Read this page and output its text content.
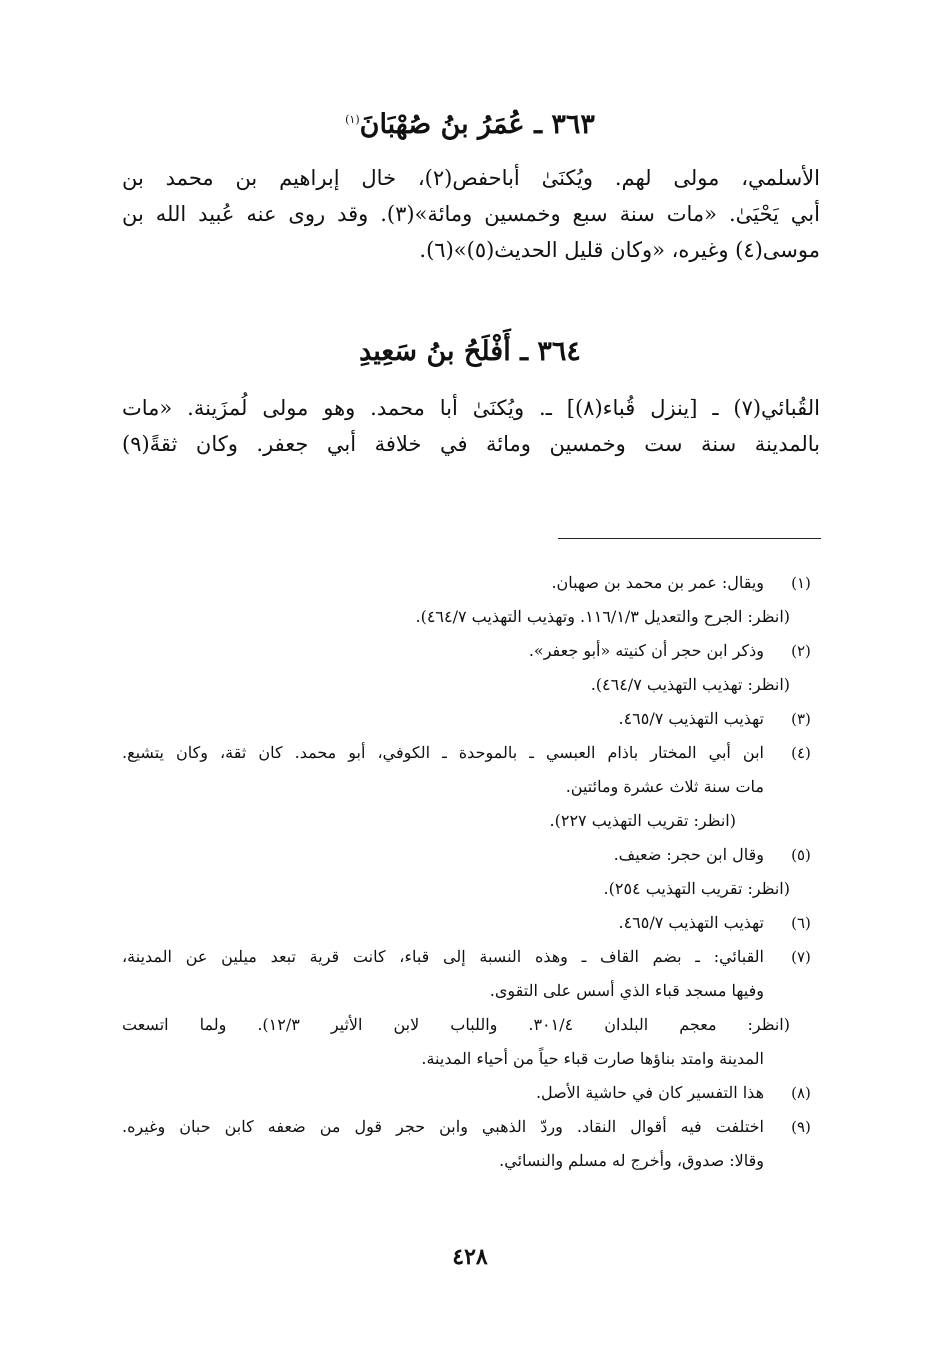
٣٦٣ ـ عُمَرُ بنُ صُهْبَانَ$^{(١)}$
الأسلمي، مولى لهم. ويُكنَىٰ أباحفص(٢)، خال إبراهيم بن محمد بن
أبي يَحْيَىٰ. «مات سنة سبع وخمسين ومائة»(٣). وقد روى عنه عُبيد الله بن
موسى(٤) وغيره، «وكان قليل الحديث(٥)»(٦).
٣٦٤ ـ أَفْلَحُ بنُ سَعِيدِ
القُبائي(٧) ـ [ينزل قُباء(٨)] ـ. ويُكنَىٰ أبا محمد. وهو مولى لُمزَينة. «مات
بالمدينة سنة ست وخمسين ومائة في خلافة أبي جعفر. وكان ثقةً(٩)
(١)
ويقال: عمر بن محمد بن صهبان.
(انظر: الجرح والتعديل ١١٦/١/٣. وتهذيب التهذيب ٤٦٤/٧).
(٢)
وذكر ابن حجر أن كنيته «أبو جعفر».
(انظر: تهذيب التهذيب ٤٦٤/٧).
(٣)
تهذيب التهذيب ٤٦٥/٧.
(٤)
ابن أبي المختار باذام العبسي ـ بالموحدة ـ الكوفي، أبو محمد. كان ثقة، وكان يتشيع.
مات سنة ثلاث عشرة ومائتين.
(انظر: تقريب التهذيب ٢٢٧).
(٥)
وقال ابن حجر: ضعيف.
(انظر: تقريب التهذيب ٢٥٤).
(٦)
تهذيب التهذيب ٤٦٥/٧.
(٧)
القبائي: ـ بضم القاف ـ وهذه النسبة إلى قباء، كانت قرية تبعد ميلين عن المدينة،
وفيها مسجد قباء الذي أسس على التقوى.
(انظر: معجم البلدان ٣٠١/٤. واللباب لابن الأثير ١٢/٣). ولما اتسعت
المدينة وامتد بناؤها صارت قباء حياً من أحياء المدينة.
(٨)
هذا التفسير كان في حاشية الأصل.
(٩)
اختلفت فيه أقوال النقاد. وردّ الذهبي وابن حجر قول من ضعفه كابن حبان وغيره.
وقالا: صدوق، وأخرج له مسلم والنسائي.
٤٢٨
